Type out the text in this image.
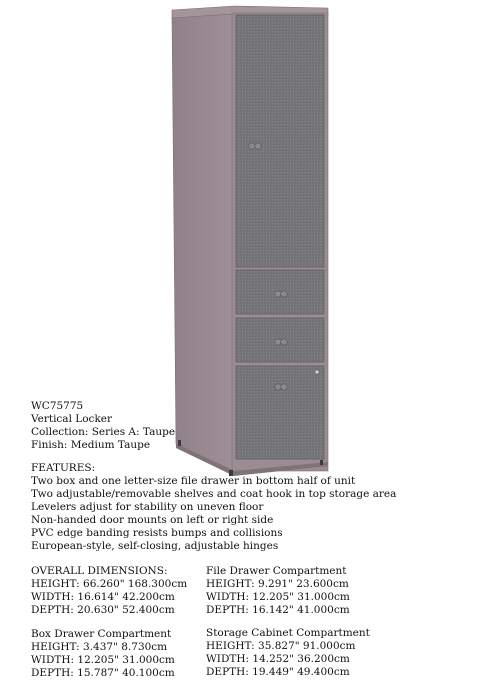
WC75775
Vertical Locker
Collection: Series A: Taupe
Finish: Medium Taupe
FEATURES:
Two box and one letter-size file drawer in bottom half of unit
Two adjustable/removable shelves and coat hook in top storage area
Levelers adjust for stability on uneven floor
Non-handed door mounts on left or right side
PVC edge banding resists bumps and collisions
European-style, self-closing, adjustable hinges
OVERALL DIMENSIONS:
HEIGHT: 66.260" 168.300cm
WIDTH: 16.614" 42.200cm
DEPTH: 20.630" 52.400cm
File Drawer Compartment
HEIGHT: 9.291" 23.600cm
WIDTH: 12.205" 31.000cm
DEPTH: 16.142" 41.000cm
Box Drawer Compartment
HEIGHT: 3.437" 8.730cm
WIDTH: 12.205" 31.000cm
DEPTH: 15.787" 40.100cm
Storage Cabinet Compartment
HEIGHT: 35.827" 91.000cm
WIDTH: 14.252" 36.200cm
DEPTH: 19.449" 49.400cm
